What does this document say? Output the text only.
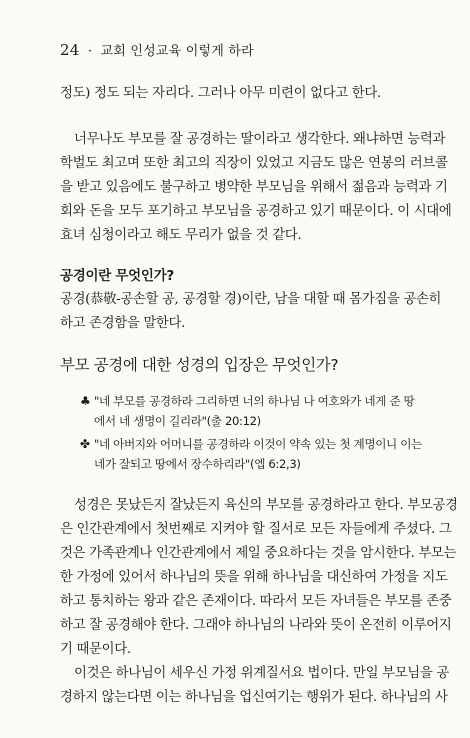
24 · 교회 인성교육 이렇게 하라
정도) 정도 되는 자리다. 그러나 아무 미련이 없다고 한다.
너무나도 부모를 잘 공경하는 딸이라고 생각한다. 왜냐하면 능력과
학벌도 최고며 또한 최고의 직장이 있었고 지금도 많은 연봉의 러브콜
을 받고 있음에도 불구하고 병약한 부모님을 위해서 젊음과 능력과 기
회와 돈을 모두 포기하고 부모님을 공경하고 있기 때문이다. 이 시대에
효녀 심청이라고 해도 무리가 없을 것 같다.
공경이란 무엇인가?
공경(恭敬-공손할 공, 공경할 경)이란, 남을 대할 때 몸가짐을 공손히
하고 존경함을 말한다.
부모 공경에 대한 성경의 입장은 무엇인가?
♣ "네 부모를 공경하라 그리하면 너의 하나님 나 여호와가 네게 준 땅
에서 네 생명이 길리라"(출 20:12)
✤ "네 아버지와 어머니를 공경하라 이것이 약속 있는 첫 계명이니 이는
네가 잘되고 땅에서 장수하리라"(엡 6:2,3)
성경은 못났든지 잘났든지 육신의 부모를 공경하라고 한다. 부모공경
은 인간관계에서 첫번째로 지켜야 할 질서로 모든 자들에게 주셨다. 그
것은 가족관계나 인간관계에서 제일 중요하다는 것을 암시한다. 부모는
한 가정에 있어서 하나님의 뜻을 위해 하나님을 대신하여 가정을 지도
하고 통치하는 왕과 같은 존재이다. 따라서 모든 자녀들은 부모를 존중
하고 잘 공경해야 한다. 그래야 하나님의 나라와 뜻이 온전히 이루어지
기 때문이다.
이것은 하나님이 세우신 가정 위계질서요 법이다. 만일 부모님을 공
경하지 않는다면 이는 하나님을 업신여기는 행위가 된다. 하나님의 사
